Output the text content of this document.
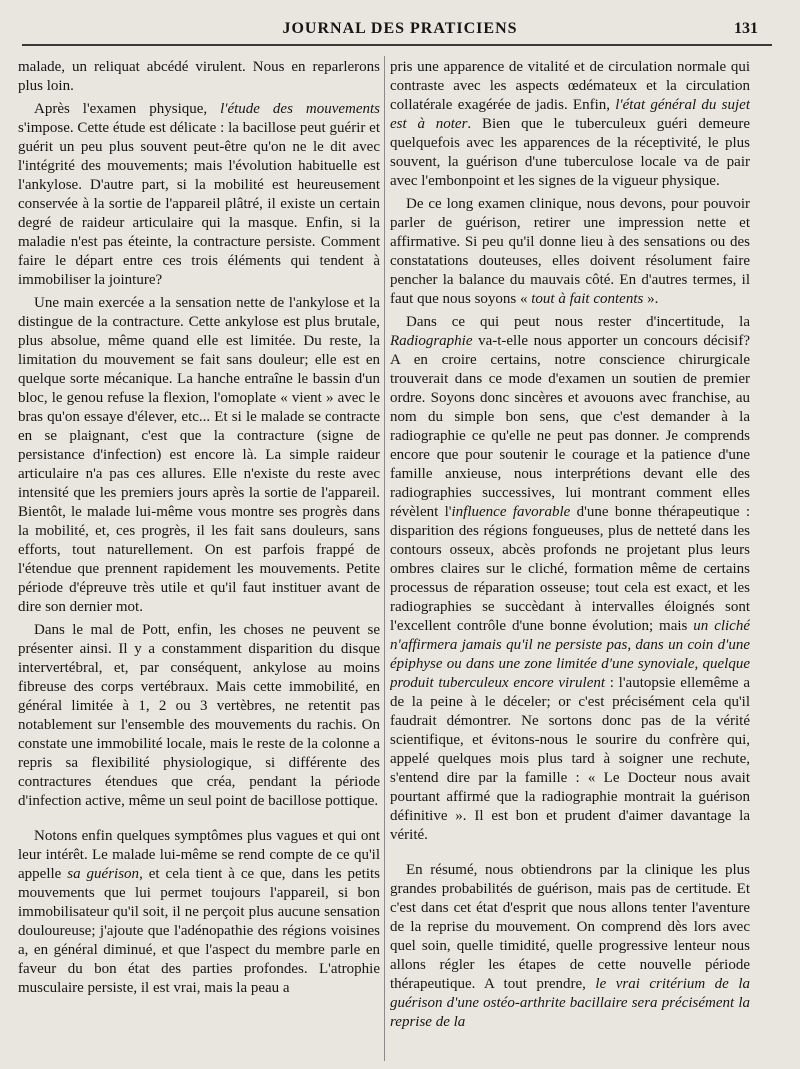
JOURNAL DES PRATICIENS	131

malade, un reliquat abcédé virulent. Nous en reparlerons plus loin.

Après l'examen physique, l'étude des mouvements s'impose. Cette étude est délicate : la bacillose peut guérir et guérit un peu plus souvent peut-être qu'on ne le dit avec l'intégrité des mouvements; mais l'évolution habituelle est l'ankylose. D'autre part, si la mobilité est heureusement conservée à la sortie de l'appareil plâtré, il existe un certain degré de raideur articulaire qui la masque. Enfin, si la maladie n'est pas éteinte, la contracture persiste. Comment faire le départ entre ces trois éléments qui tendent à immobiliser la jointure?

Une main exercée a la sensation nette de l'ankylose et la distingue de la contracture. Cette ankylose est plus brutale, plus absolue, même quand elle est limitée. Du reste, la limitation du mouvement se fait sans douleur; elle est en quelque sorte mécanique. La hanche entraîne le bassin d'un bloc, le genou refuse la flexion, l'omoplate « vient » avec le bras qu'on essaye d'élever, etc... Et si le malade se contracte en se plaignant, c'est que la contracture (signe de persistance d'infection) est encore là. La simple raideur articulaire n'a pas ces allures. Elle n'existe du reste avec intensité que les premiers jours après la sortie de l'appareil. Bientôt, le malade lui-même vous montre ses progrès dans la mobilité, et, ces progrès, il les fait sans douleurs, sans efforts, tout naturellement. On est parfois frappé de l'étendue que prennent rapidement les mouvements. Petite période d'épreuve très utile et qu'il faut instituer avant de dire son dernier mot.

Dans le mal de Pott, enfin, les choses ne peuvent se présenter ainsi. Il y a constamment disparition du disque intervertébral, et, par conséquent, ankylose au moins fibreuse des corps vertébraux. Mais cette immobilité, en général limitée à 1, 2 ou 3 vertèbres, ne retentit pas notablement sur l'ensemble des mouvements du rachis. On constate une immobilité locale, mais le reste de la colonne a repris sa flexibilité physiologique, si différente des contractures étendues que créa, pendant la période d'infection active, même un seul point de bacillose pottique.

Notons enfin quelques symptômes plus vagues et qui ont leur intérêt. Le malade lui-même se rend compte de ce qu'il appelle sa guérison, et cela tient à ce que, dans les petits mouvements que lui permet toujours l'appareil, si bon immobilisateur qu'il soit, il ne perçoit plus aucune sensation douloureuse; j'ajoute que l'adénopathie des régions voisines a, en général diminué, et que l'aspect du membre parle en faveur du bon état des parties profondes. L'atrophie musculaire persiste, il est vrai, mais la peau a

pris une apparence de vitalité et de circulation normale qui contraste avec les aspects œdémateux et la circulation collatérale exagérée de jadis. Enfin, l'état général du sujet est à noter. Bien que le tuberculeux guéri demeure quelquefois avec les apparences de la réceptivité, le plus souvent, la guérison d'une tuberculose locale va de pair avec l'embonpoint et les signes de la vigueur physique.

De ce long examen clinique, nous devons, pour pouvoir parler de guérison, retirer une impression nette et affirmative. Si peu qu'il donne lieu à des sensations ou des constatations douteuses, elles doivent résolument faire pencher la balance du mauvais côté. En d'autres termes, il faut que nous soyons « tout à fait contents ».

Dans ce qui peut nous rester d'incertitude, la Radiographie va-t-elle nous apporter un concours décisif? A en croire certains, notre conscience chirurgicale trouverait dans ce mode d'examen un soutien de premier ordre. Soyons donc sincères et avouons avec franchise, au nom du simple bon sens, que c'est demander à la radiographie ce qu'elle ne peut pas donner. Je comprends encore que pour soutenir le courage et la patience d'une famille anxieuse, nous interprétions devant elle des radiographies successives, lui montrant comment elles révèlent l'influence favorable d'une bonne thérapeutique : disparition des régions fongueuses, plus de netteté dans les contours osseux, abcès profonds ne projetant plus leurs ombres claires sur le cliché, formation même de certains processus de réparation osseuse; tout cela est exact, et les radiographies se succèdant à intervalles éloignés sont l'excellent contrôle d'une bonne évolution; mais un cliché n'affirmera jamais qu'il ne persiste pas, dans un coin d'une épiphyse ou dans une zone limitée d'une synoviale, quelque produit tuberculeux encore virulent : l'autopsie ellemême a de la peine à le déceler; or c'est précisément cela qu'il faudrait démontrer. Ne sortons donc pas de la vérité scientifique, et évitons-nous le sourire du confrère qui, appelé quelques mois plus tard à soigner une rechute, s'entend dire par la famille : « Le Docteur nous avait pourtant affirmé que la radiographie montrait la guérison définitive ». Il est bon et prudent d'aimer davantage la vérité.

En résumé, nous obtiendrons par la clinique les plus grandes probabilités de guérison, mais pas de certitude. Et c'est dans cet état d'esprit que nous allons tenter l'aventure de la reprise du mouvement. On comprend dès lors avec quel soin, quelle timidité, quelle progressive lenteur nous allons régler les étapes de cette nouvelle période thérapeutique. A tout prendre, le vrai critérium de la guérison d'une ostéo-arthrite bacillaire sera précisément la reprise de la
